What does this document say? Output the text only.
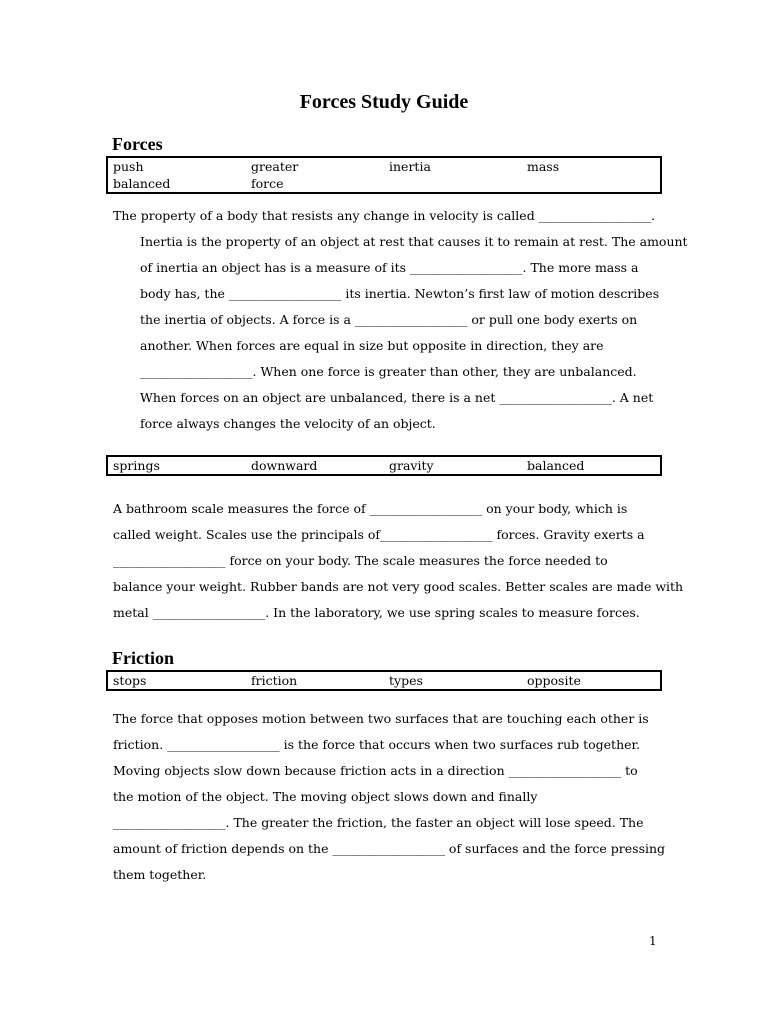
Forces Study Guide
Forces
push	greater	inertia	mass
balanced	force
The property of a body that resists any change in velocity is called __________________.
Inertia is the property of an object at rest that causes it to remain at rest. The amount
of inertia an object has is a measure of its __________________. The more mass a
body has, the __________________ its inertia. Newton’s first law of motion describes
the inertia of objects. A force is a __________________ or pull one body exerts on
another. When forces are equal in size but opposite in direction, they are
__________________. When one force is greater than other, they are unbalanced.
When forces on an object are unbalanced, there is a net __________________. A net
force always changes the velocity of an object.
springs	downward	gravity	balanced
A bathroom scale measures the force of __________________ on your body, which is
called weight. Scales use the principals of__________________ forces. Gravity exerts a
__________________ force on your body. The scale measures the force needed to
balance your weight. Rubber bands are not very good scales. Better scales are made with
metal __________________. In the laboratory, we use spring scales to measure forces.
Friction
stops	friction	types	opposite
The force that opposes motion between two surfaces that are touching each other is
friction. __________________ is the force that occurs when two surfaces rub together.
Moving objects slow down because friction acts in a direction __________________ to
the motion of the object. The moving object slows down and finally
__________________. The greater the friction, the faster an object will lose speed. The
amount of friction depends on the __________________ of surfaces and the force pressing
them together.
1
